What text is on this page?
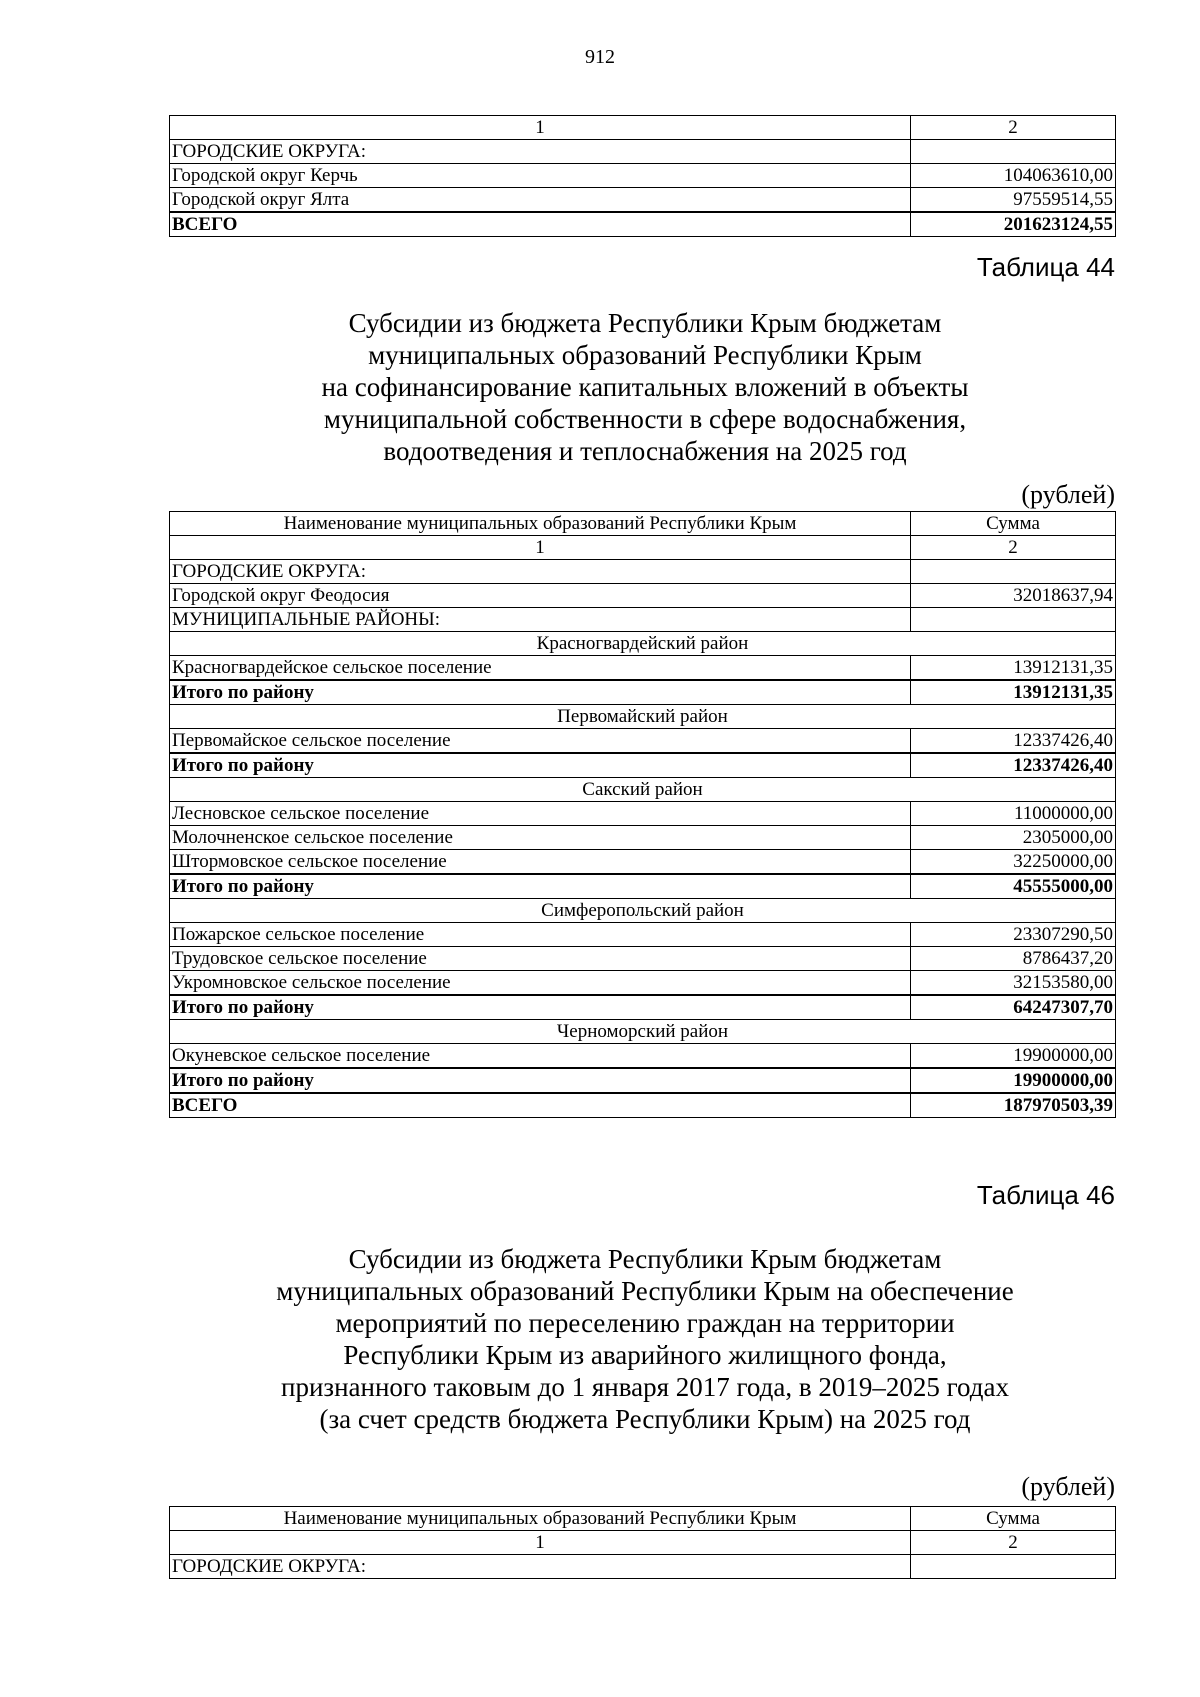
912
1	2
ГОРОДСКИЕ ОКРУГА:	
Городской округ Керчь	104063610,00
Городской округ Ялта	97559514,55
ВСЕГО	201623124,55
Таблица 44
Субсидии из бюджета Республики Крым бюджетам
муниципальных образований Республики Крым
на софинансирование капитальных вложений в объекты
муниципальной собственности в сфере водоснабжения,
водоотведения и теплоснабжения на 2025 год
(рублей)
Наименование муниципальных образований Республики Крым	Сумма
1	2
ГОРОДСКИЕ ОКРУГА:	
Городской округ Феодосия	32018637,94
МУНИЦИПАЛЬНЫЕ РАЙОНЫ:	
Красногвардейский район	
Красногвардейское сельское поселение	13912131,35
Итого по району	13912131,35
Первомайский район	
Первомайское сельское поселение	12337426,40
Итого по району	12337426,40
Сакский район	
Лесновское сельское поселение	11000000,00
Молочненское сельское поселение	2305000,00
Штормовское сельское поселение	32250000,00
Итого по району	45555000,00
Симферопольский район	
Пожарское сельское поселение	23307290,50
Трудовское сельское поселение	8786437,20
Укромновское сельское поселение	32153580,00
Итого по району	64247307,70
Черноморский район	
Окуневское сельское поселение	19900000,00
Итого по району	19900000,00
ВСЕГО	187970503,39
Таблица 46
Субсидии из бюджета Республики Крым бюджетам
муниципальных образований Республики Крым на обеспечение
мероприятий по переселению граждан на территории
Республики Крым из аварийного жилищного фонда,
признанного таковым до 1 января 2017 года, в 2019–2025 годах
(за счет средств бюджета Республики Крым) на 2025 год
(рублей)
Наименование муниципальных образований Республики Крым	Сумма
1	2
ГОРОДСКИЕ ОКРУГА:	
